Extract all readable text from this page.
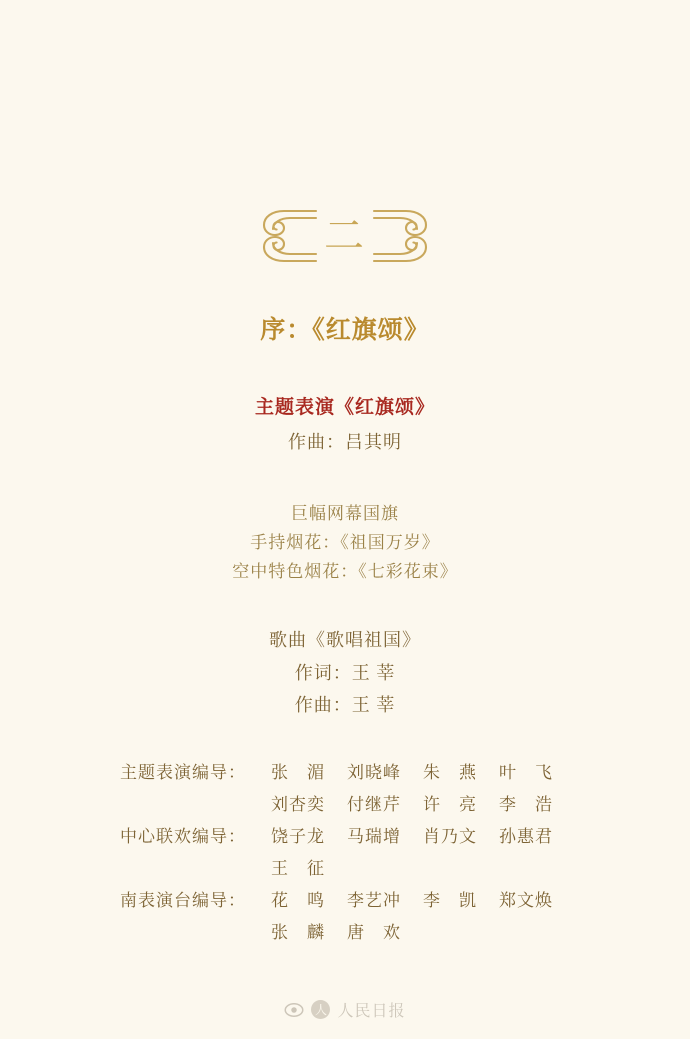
二
序：《红旗颂》
主题表演《红旗颂》
作曲：吕其明
巨幅网幕国旗
手持烟花：《祖国万岁》
空中特色烟花：《七彩花束》
歌曲《歌唱祖国》
作词：王 莘
作曲：王 莘
主题表演编导：	张　湄	刘晓峰	朱　燕	叶　飞
刘杏奕	付继芹	许　亮	李　浩
中心联欢编导：	饶子龙	马瑞增	肖乃文	孙惠君
王　征
南表演台编导：	花　鸣	李艺冲	李　凯	郑文焕
张　麟	唐　欢
人 人民日报
